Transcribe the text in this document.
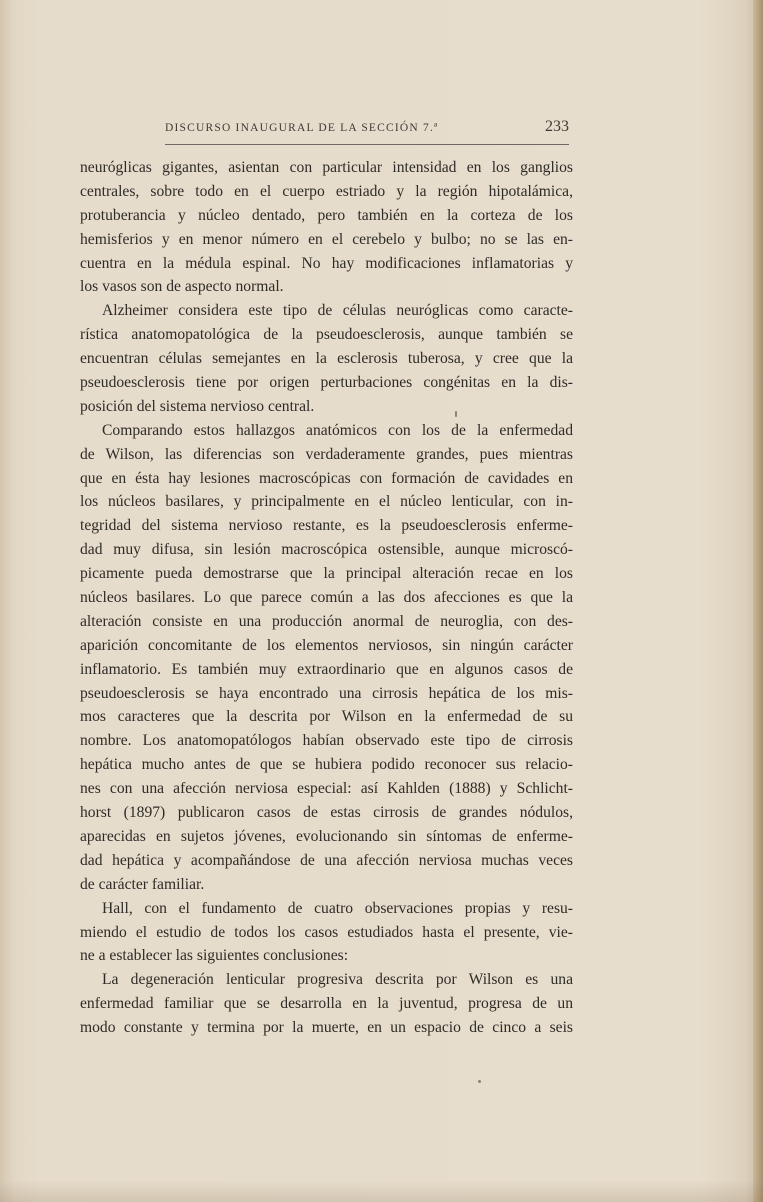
DISCURSO INAUGURAL DE LA SECCIÓN 7.ª	233
neuróglicas gigantes, asientan con particular intensidad en los ganglios
centrales, sobre todo en el cuerpo estriado y la región hipotalámica,
protuberancia y núcleo dentado, pero también en la corteza de los
hemisferios y en menor número en el cerebelo y bulbo; no se las en-
cuentra en la médula espinal. No hay modificaciones inflamatorias y
los vasos son de aspecto normal.
Alzheimer considera este tipo de células neuróglicas como caracte-
rística anatomopatológica de la pseudoesclerosis, aunque también se
encuentran células semejantes en la esclerosis tuberosa, y cree que la
pseudoesclerosis tiene por origen perturbaciones congénitas en la dis-
posición del sistema nervioso central.
Comparando estos hallazgos anatómicos con los de la enfermedad
de Wilson, las diferencias son verdaderamente grandes, pues mientras
que en ésta hay lesiones macroscópicas con formación de cavidades en
los núcleos basilares, y principalmente en el núcleo lenticular, con in-
tegridad del sistema nervioso restante, es la pseudoesclerosis enferme-
dad muy difusa, sin lesión macroscópica ostensible, aunque microscó-
picamente pueda demostrarse que la principal alteración recae en los
núcleos basilares. Lo que parece común a las dos afecciones es que la
alteración consiste en una producción anormal de neuroglia, con des-
aparición concomitante de los elementos nerviosos, sin ningún carácter
inflamatorio. Es también muy extraordinario que en algunos casos de
pseudoesclerosis se haya encontrado una cirrosis hepática de los mis-
mos caracteres que la descrita por Wilson en la enfermedad de su
nombre. Los anatomopatólogos habían observado este tipo de cirrosis
hepática mucho antes de que se hubiera podido reconocer sus relacio-
nes con una afección nerviosa especial: así Kahlden (1888) y Schlicht-
horst (1897) publicaron casos de estas cirrosis de grandes nódulos,
aparecidas en sujetos jóvenes, evolucionando sin síntomas de enferme-
dad hepática y acompañándose de una afección nerviosa muchas veces
de carácter familiar.
Hall, con el fundamento de cuatro observaciones propias y resu-
miendo el estudio de todos los casos estudiados hasta el presente, vie-
ne a establecer las siguientes conclusiones:
La degeneración lenticular progresiva descrita por Wilson es una
enfermedad familiar que se desarrolla en la juventud, progresa de un
modo constante y termina por la muerte, en un espacio de cinco a seis
